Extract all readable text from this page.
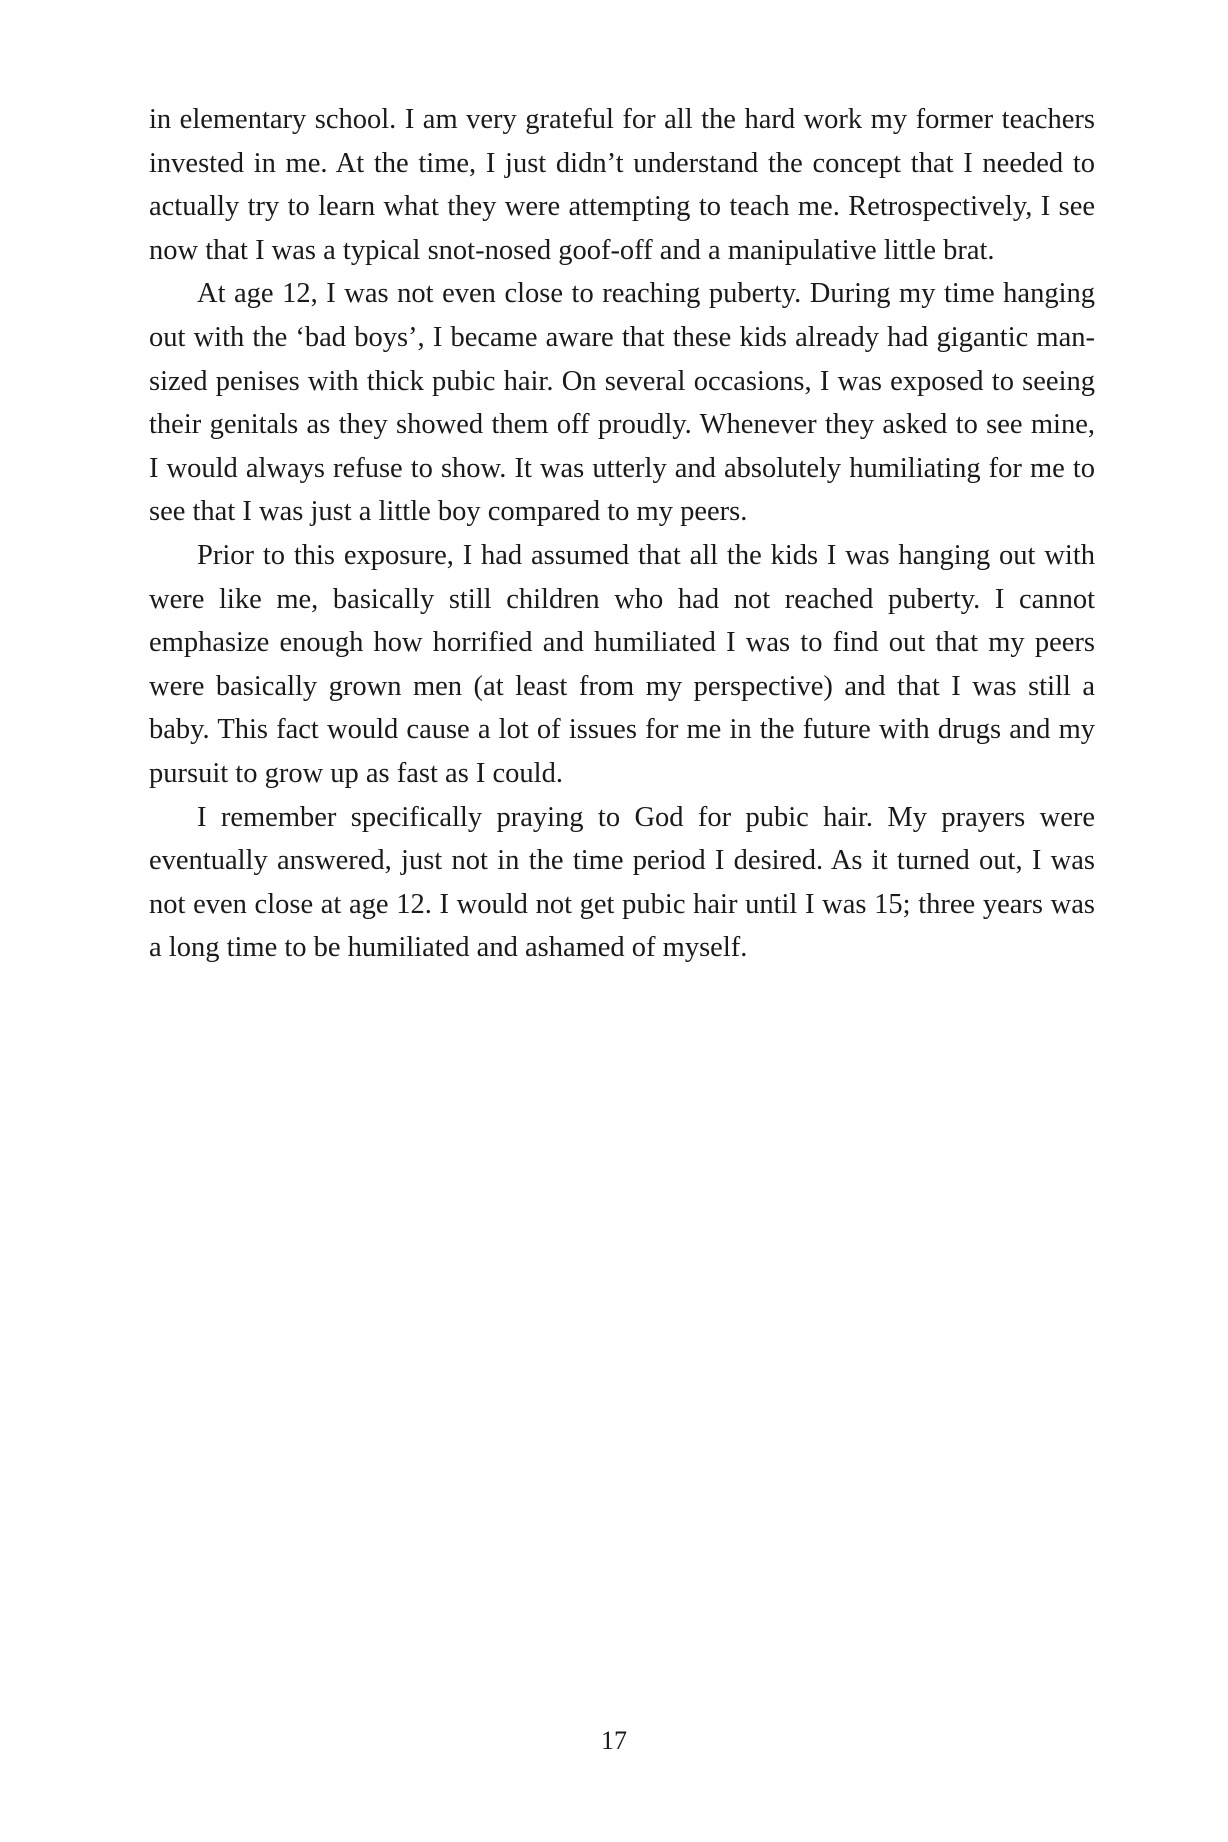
in elementary school. I am very grateful for all the hard work my former teachers invested in me. At the time, I just didn’t understand the concept that I needed to actually try to learn what they were attempting to teach me. Retrospectively, I see now that I was a typical snot-nosed goof-off and a manipulative little brat.

At age 12, I was not even close to reaching puberty. During my time hanging out with the ‘bad boys’, I became aware that these kids already had gigantic man-sized penises with thick pubic hair. On several occasions, I was exposed to seeing their genitals as they showed them off proudly. Whenever they asked to see mine, I would always refuse to show. It was utterly and absolutely humiliating for me to see that I was just a little boy compared to my peers.

Prior to this exposure, I had assumed that all the kids I was hanging out with were like me, basically still children who had not reached puberty. I cannot emphasize enough how horrified and humiliated I was to find out that my peers were basically grown men (at least from my perspective) and that I was still a baby. This fact would cause a lot of issues for me in the future with drugs and my pursuit to grow up as fast as I could.

I remember specifically praying to God for pubic hair. My prayers were eventually answered, just not in the time period I desired. As it turned out, I was not even close at age 12. I would not get pubic hair until I was 15; three years was a long time to be humiliated and ashamed of myself.

17
